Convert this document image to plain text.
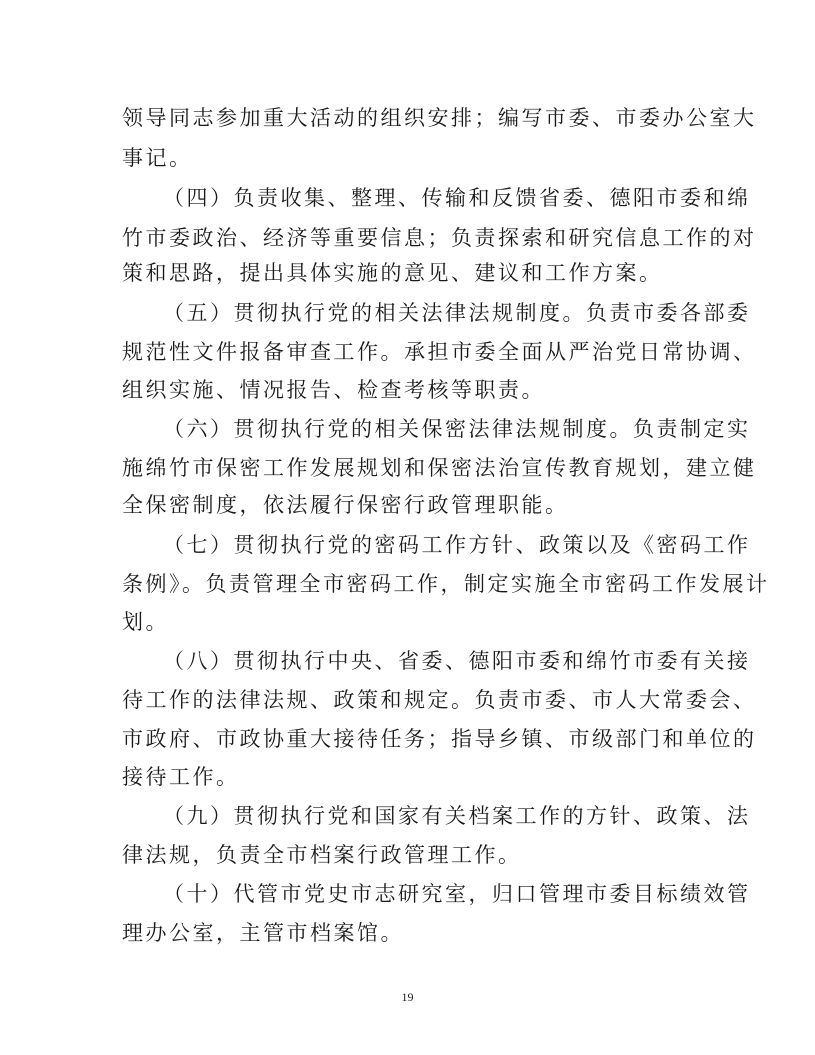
领导同志参加重大活动的组织安排；编写市委、市委办公室大
事记。
（四）负责收集、整理、传输和反馈省委、德阳市委和绵
竹市委政治、经济等重要信息；负责探索和研究信息工作的对
策和思路，提出具体实施的意见、建议和工作方案。
（五）贯彻执行党的相关法律法规制度。负责市委各部委
规范性文件报备审查工作。承担市委全面从严治党日常协调、
组织实施、情况报告、检查考核等职责。
（六）贯彻执行党的相关保密法律法规制度。负责制定实
施绵竹市保密工作发展规划和保密法治宣传教育规划，建立健
全保密制度，依法履行保密行政管理职能。
（七）贯彻执行党的密码工作方针、政策以及《密码工作
条例》。负责管理全市密码工作，制定实施全市密码工作发展计
划。
（八）贯彻执行中央、省委、德阳市委和绵竹市委有关接
待工作的法律法规、政策和规定。负责市委、市人大常委会、
市政府、市政协重大接待任务；指导乡镇、市级部门和单位的
接待工作。
（九）贯彻执行党和国家有关档案工作的方针、政策、法
律法规，负责全市档案行政管理工作。
（十）代管市党史市志研究室，归口管理市委目标绩效管
理办公室，主管市档案馆。
19
